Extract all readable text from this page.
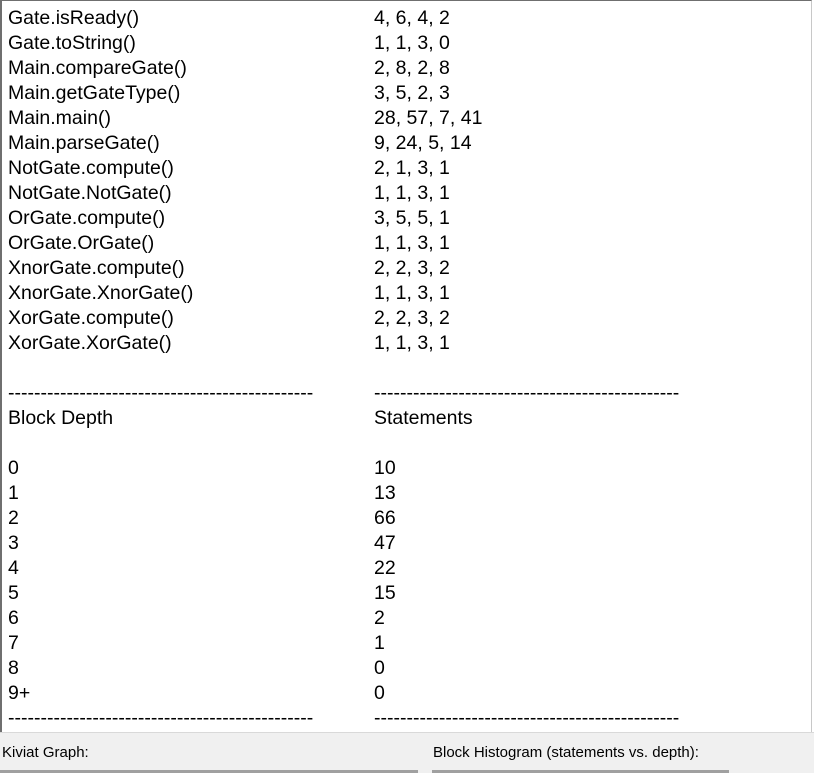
Gate.isReady()	4, 6, 4, 2
Gate.toString()	1, 1, 3, 0
Main.compareGate()	2, 8, 2, 8
Main.getGateType()	3, 5, 2, 3
Main.main()	28, 57, 7, 41
Main.parseGate()	9, 24, 5, 14
NotGate.compute()	2, 1, 3, 1
NotGate.NotGate()	1, 1, 3, 1
OrGate.compute()	3, 5, 5, 1
OrGate.OrGate()	1, 1, 3, 1
XnorGate.compute()	2, 2, 3, 2
XnorGate.XnorGate()	1, 1, 3, 1
XorGate.compute()	2, 2, 3, 2
XorGate.XorGate()	1, 1, 3, 1
-----------------------------------------------	-----------------------------------------------
Block Depth	Statements
0	10
1	13
2	66
3	47
4	22
5	15
6	2
7	1
8	0
9+	0
-----------------------------------------------	-----------------------------------------------
Kiviat Graph:	Block Histogram (statements vs. depth):
